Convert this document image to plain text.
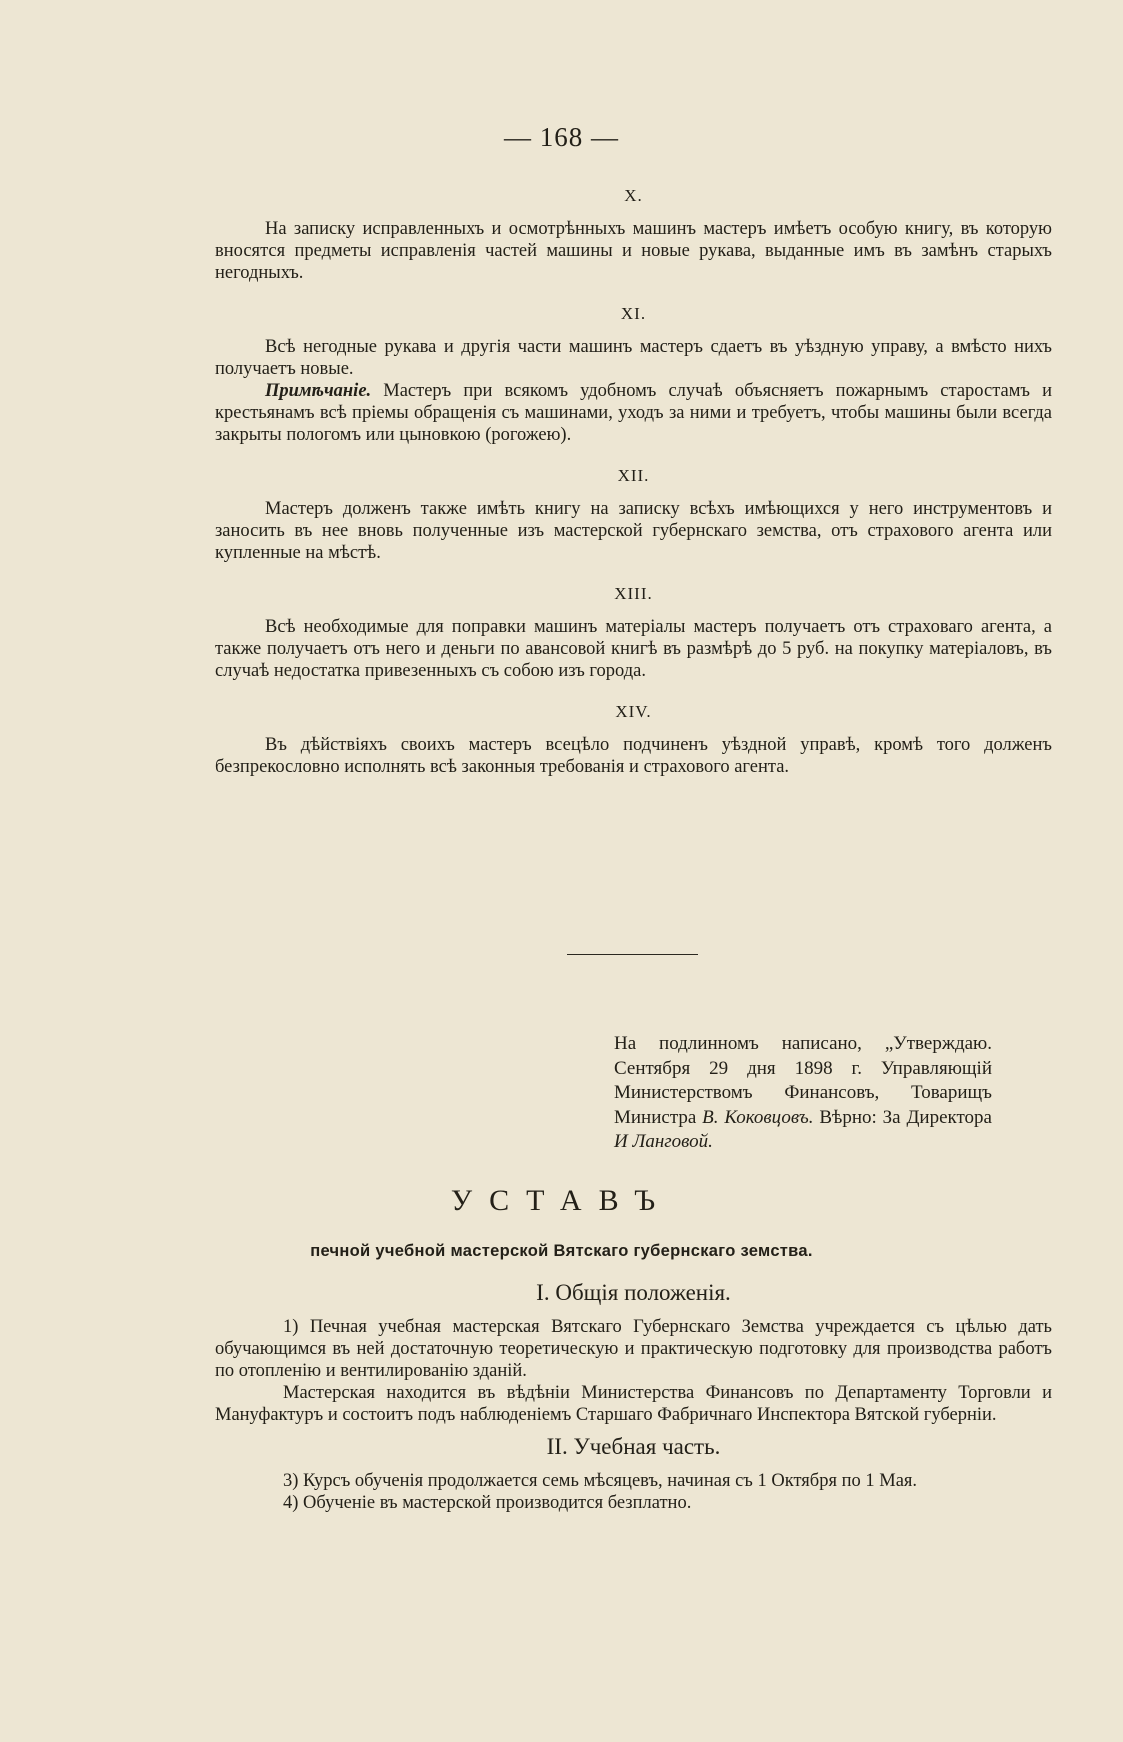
— 168 —
X.

На записку исправленныхъ и осмотрѣнныхъ машинъ мастеръ имѣетъ особую книгу, въ которую вносятся предметы исправленія частей машины и новые рукава, выданные имъ въ замѣнъ старыхъ негодныхъ.

XI.

Всѣ негодные рукава и другія части машинъ мастеръ сдаетъ въ уѣздную управу, а вмѣсто нихъ получаетъ новые.

Примѣчаніе. Мастеръ при всякомъ удобномъ случаѣ объясняетъ пожарнымъ старостамъ и крестьянамъ всѣ пріемы обращенія съ машинами, уходъ за ними и требуетъ, чтобы машины были всегда закрыты пологомъ или цыновкою (рогожею).

XII.

Мастеръ долженъ также имѣть книгу на записку всѣхъ имѣющихся у него инструментовъ и заносить въ нее вновь полученные изъ мастерской губернскаго земства, отъ страхового агента или купленные на мѣстѣ.

XIII.

Всѣ необходимые для поправки машинъ матеріалы мастеръ получаетъ отъ страховаго агента, а также получаетъ отъ него и деньги по авансовой книгѣ въ размѣрѣ до 5 руб. на покупку матеріаловъ, въ случаѣ недостатка привезенныхъ съ собою изъ города.

XIV.

Въ дѣйствіяхъ своихъ мастеръ всецѣло подчиненъ уѣздной управѣ, кромѣ того долженъ безпрекословно исполнять всѣ законныя требованія и страхового агента.

На подлинномъ написано, „Утверждаю. Сентября 29 дня 1898 г. Управляющій Министерствомъ Финансовъ, Товарищъ Министра В. Коковцовъ. Вѣрно: За Директора И Ланговой.
УСТАВЪ
печной учебной мастерской Вятскаго губернскаго земства.
I. Общія положенія.

1) Печная учебная мастерская Вятскаго Губернскаго Земства учреждается съ цѣлью дать обучающимся въ ней достаточную теоретическую и практическую подготовку для производства работъ по отопленію и вентилированію зданій.

Мастерская находится въ вѣдѣніи Министерства Финансовъ по Департаменту Торговли и Мануфактуръ и состоитъ подъ наблюденіемъ Старшаго Фабричнаго Инспектора Вятской губерніи.

II. Учебная часть.

3) Курсъ обученія продолжается семь мѣсяцевъ, начиная съ 1 Октября по 1 Мая.

4) Обученіе въ мастерской производится безплатно.
